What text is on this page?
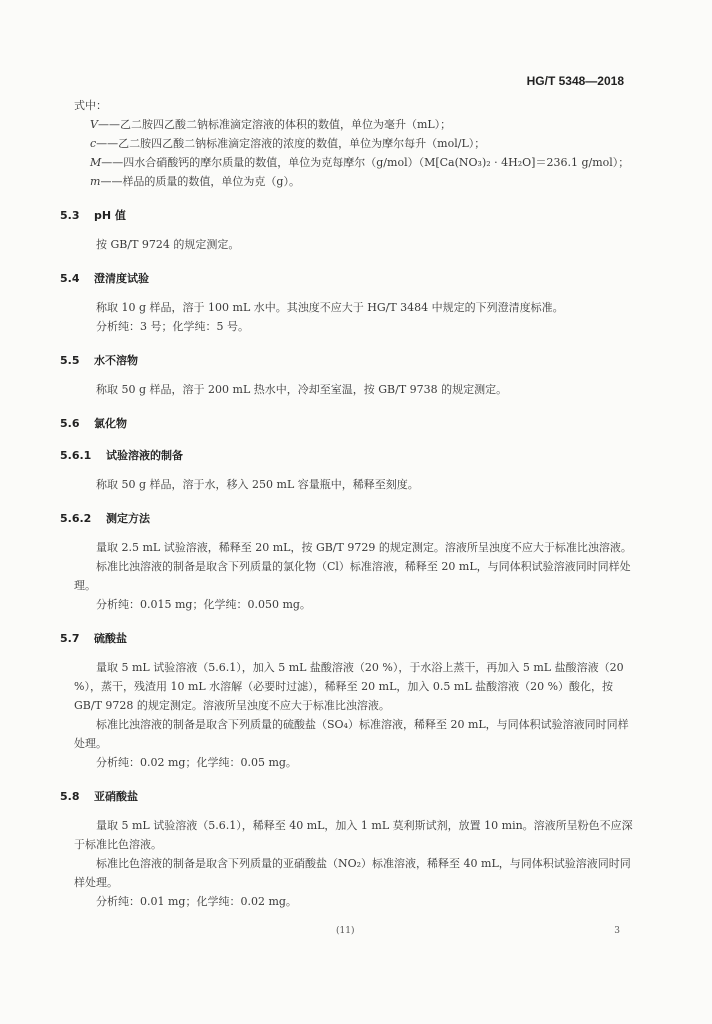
HG/T 5348—2018

式中：

V——乙二胺四乙酸二钠标准滴定溶液的体积的数值，单位为毫升（mL）；

c——乙二胺四乙酸二钠标准滴定溶液的浓度的数值，单位为摩尔每升（mol/L）；

M——四水合硝酸钙的摩尔质量的数值，单位为克每摩尔（g/mol）（M[Ca(NO₃)₂ · 4H₂O]＝236.1 g/mol）；

m——样品的质量的数值，单位为克（g）。

5.3 pH 值

按 GB/T 9724 的规定测定。

5.4 澄清度试验

称取 10 g 样品，溶于 100 mL 水中。其浊度不应大于 HG/T 3484 中规定的下列澄清度标准。

分析纯：3 号；化学纯：5 号。

5.5 水不溶物

称取 50 g 样品，溶于 200 mL 热水中，冷却至室温，按 GB/T 9738 的规定测定。

5.6 氯化物
5.6.1 试验溶液的制备

称取 50 g 样品，溶于水，移入 250 mL 容量瓶中，稀释至刻度。

5.6.2 测定方法

量取 2.5 mL 试验溶液，稀释至 20 mL，按 GB/T 9729 的规定测定。溶液所呈浊度不应大于标准比浊溶液。

标准比浊溶液的制备是取含下列质量的氯化物（Cl）标准溶液，稀释至 20 mL，与同体积试验溶液同时同样处理。

分析纯：0.015 mg；化学纯：0.050 mg。

5.7 硫酸盐

量取 5 mL 试验溶液（5.6.1），加入 5 mL 盐酸溶液（20 %），于水浴上蒸干，再加入 5 mL 盐酸溶液（20 %），蒸干，残渣用 10 mL 水溶解（必要时过滤），稀释至 20 mL，加入 0.5 mL 盐酸溶液（20 %）酸化，按 GB/T 9728 的规定测定。溶液所呈浊度不应大于标准比浊溶液。

标准比浊溶液的制备是取含下列质量的硫酸盐（SO₄）标准溶液，稀释至 20 mL，与同体积试验溶液同时同样处理。

分析纯：0.02 mg；化学纯：0.05 mg。

5.8 亚硝酸盐

量取 5 mL 试验溶液（5.6.1），稀释至 40 mL，加入 1 mL 莫利斯试剂，放置 10 min。溶液所呈粉色不应深于标准比色溶液。

标准比色溶液的制备是取含下列质量的亚硝酸盐（NO₂）标准溶液，稀释至 40 mL，与同体积试验溶液同时同样处理。

分析纯：0.01 mg；化学纯：0.02 mg。

(11)	3
